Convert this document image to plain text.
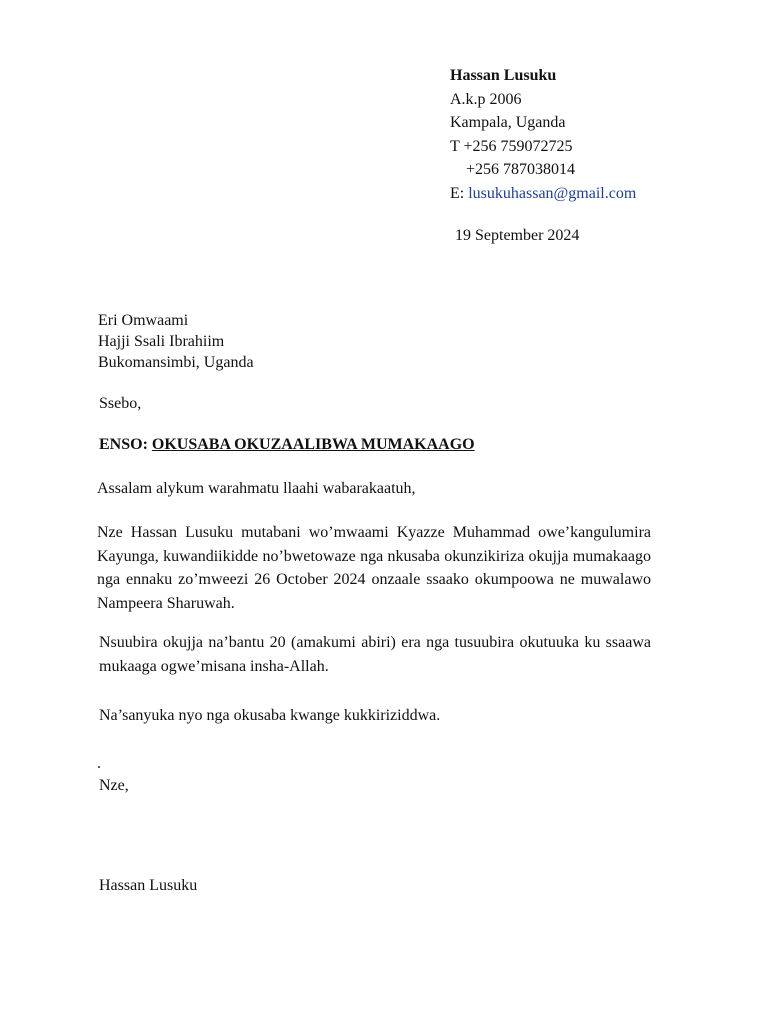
Hassan Lusuku
A.k.p 2006
Kampala, Uganda
T +256 759072725
+256 787038014
E: lusukuhassan@gmail.com
19 September 2024
Eri Omwaami
Hajji Ssali Ibrahiim
Bukomansimbi, Uganda
Ssebo,
ENSO: OKUSABA OKUZAALIBWA MUMAKAAGO
Assalam alykum warahmatu llaahi wabarakaatuh,
Nze Hassan Lusuku mutabani wo’mwaami Kyazze Muhammad owe’kangulumira Kayunga, kuwandiikidde no’bwetowaze nga nkusaba okunzikiriza okujja mumakaago nga ennaku zo’mweezi 26 October 2024 onzaale ssaako okumpoowa ne muwalawo Nampeera Sharuwah.
Nsuubira okujja na’bantu 20 (amakumi abiri) era nga tusuubira okutuuka ku ssaawa mukaaga ogwe’misana insha-Allah.
Na’sanyuka nyo nga okusaba kwange kukkiriziddwa.
.
Nze,
Hassan Lusuku
